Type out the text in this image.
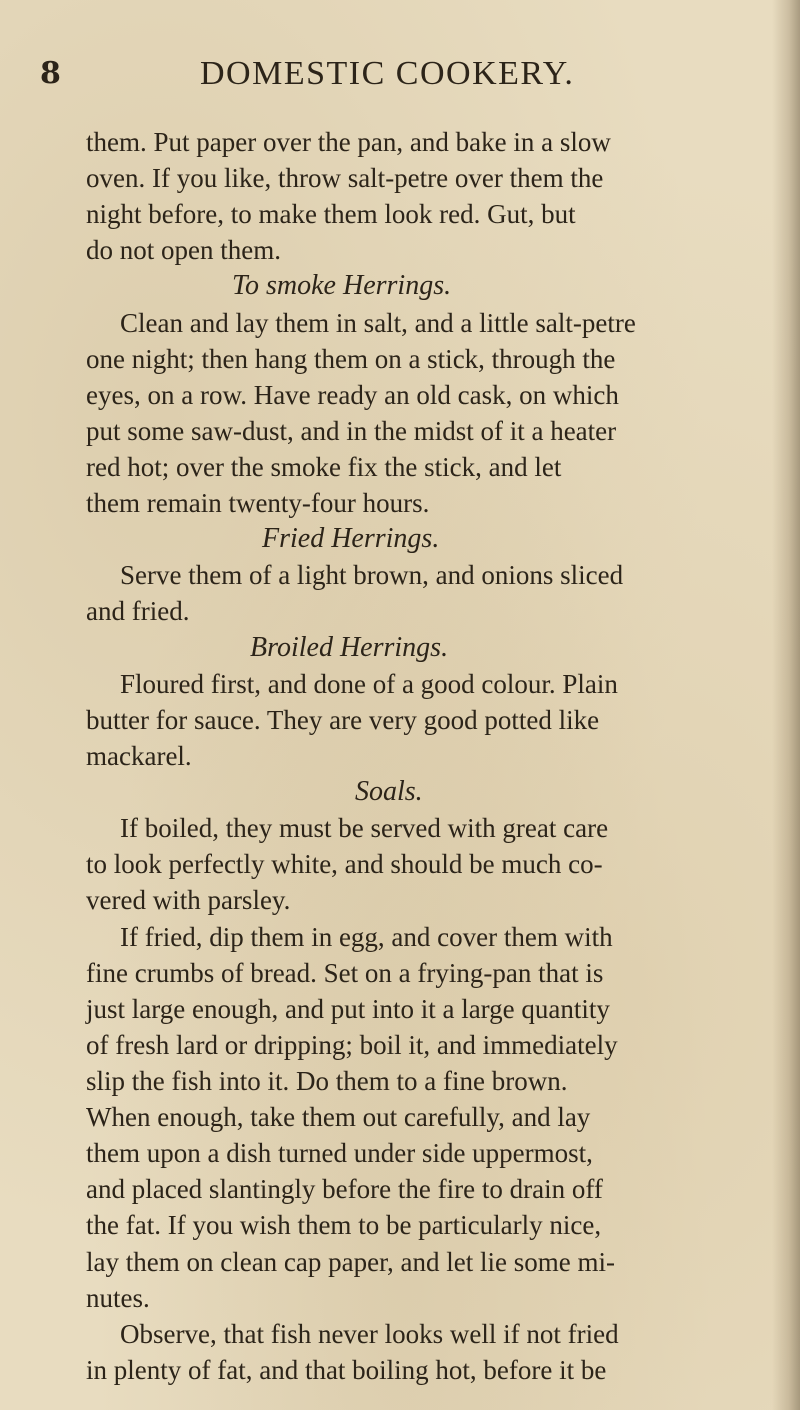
8	DOMESTIC COOKERY.
them. Put paper over the pan, and bake in a slow
oven. If you like, throw salt-petre over them the
night before, to make them look red. Gut, but
do not open them.
To smoke Herrings.
Clean and lay them in salt, and a little salt-petre
one night; then hang them on a stick, through the
eyes, on a row. Have ready an old cask, on which
put some saw-dust, and in the midst of it a heater
red hot; over the smoke fix the stick, and let
them remain twenty-four hours.
Fried Herrings.
Serve them of a light brown, and onions sliced
and fried.
Broiled Herrings.
Floured first, and done of a good colour. Plain
butter for sauce. They are very good potted like
mackarel.
Soals.
If boiled, they must be served with great care
to look perfectly white, and should be much co-
vered with parsley.
If fried, dip them in egg, and cover them with
fine crumbs of bread. Set on a frying-pan that is
just large enough, and put into it a large quantity
of fresh lard or dripping; boil it, and immediately
slip the fish into it. Do them to a fine brown.
When enough, take them out carefully, and lay
them upon a dish turned under side uppermost,
and placed slantingly before the fire to drain off
the fat. If you wish them to be particularly nice,
lay them on clean cap paper, and let lie some mi-
nutes.
Observe, that fish never looks well if not fried
in plenty of fat, and that boiling hot, before it be
